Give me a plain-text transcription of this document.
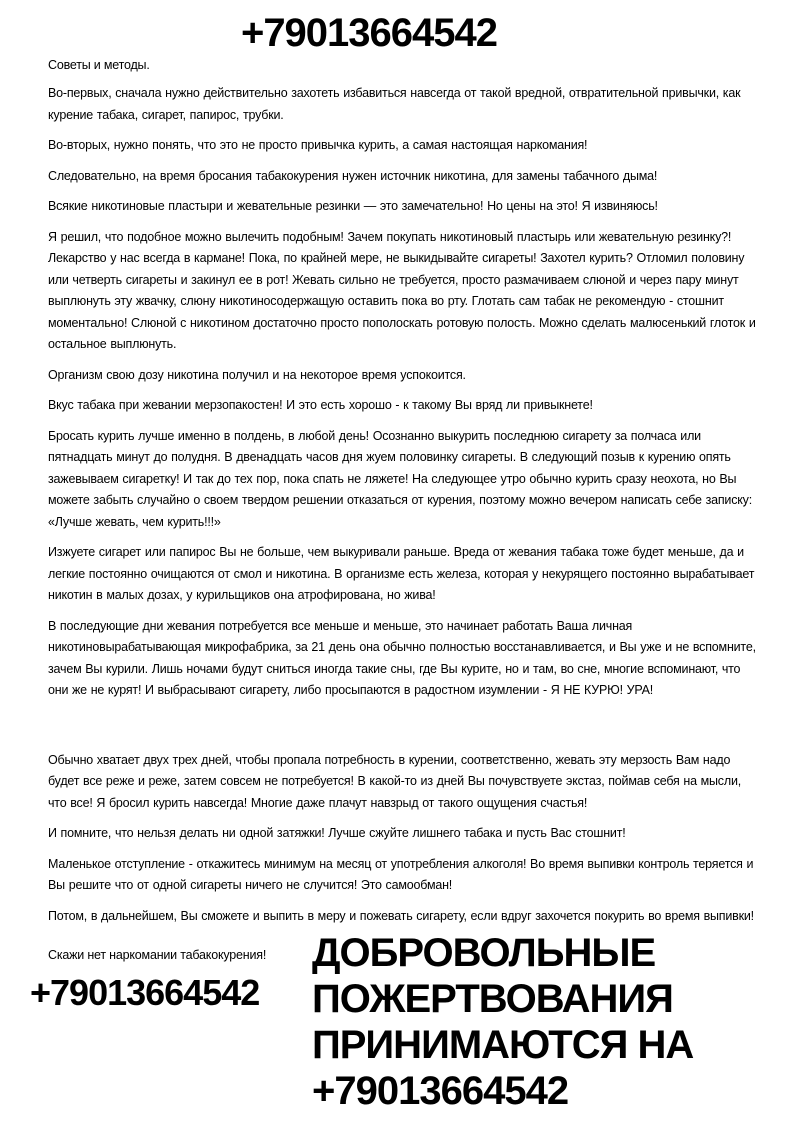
+79013664542
Советы и методы.

Во-первых, сначала нужно действительно захотеть избавиться навсегда от такой вредной, отвратительной привычки, как курение табака, сигарет, папирос, трубки.

Во-вторых, нужно понять, что это не просто привычка курить, а самая настоящая наркомания!

Следовательно, на время бросания табакокурения нужен источник никотина, для замены табачного дыма!

Всякие никотиновые пластыри и жевательные резинки — это замечательно! Но цены на это! Я извиняюсь!

Я решил, что подобное можно вылечить подобным! Зачем покупать никотиновый пластырь или жевательную резинку?! Лекарство у нас всегда в кармане! Пока, по крайней мере, не выкидывайте сигареты! Захотел курить? Отломил половину или четверть сигареты и закинул ее в рот! Жевать сильно не требуется, просто размачиваем слюной и через пару минут выплюнуть эту жвачку, слюну никотиносодержащую оставить пока во рту. Глотать сам табак не рекомендую - стошнит моментально! Слюной с никотином достаточно просто пополоскать ротовую полость. Можно сделать малюсенький глоток и остальное выплюнуть.

Организм свою дозу никотина получил и на некоторое время успокоится.

Вкус табака при жевании мерзопакостен! И это есть хорошо - к такому Вы вряд ли привыкнете!

Бросать курить лучше именно в полдень, в любой день! Осознанно выкурить последнюю сигарету за полчаса или пятнадцать минут до полудня. В двенадцать часов дня жуем половинку сигареты. В следующий позыв к курению опять зажевываем сигаретку! И так до тех пор, пока спать не ляжете! На следующее утро обычно курить сразу неохота, но Вы можете забыть случайно о своем твердом решении отказаться от курения, поэтому можно вечером написать себе записку: «Лучше жевать, чем курить!!!»

Изжуете сигарет или папирос Вы не больше, чем выкуривали раньше. Вреда от жевания табака тоже будет меньше, да и легкие постоянно очищаются от смол и никотина. В организме есть железа, которая у некурящего постоянно вырабатывает никотин в малых дозах, у курильщиков она атрофирована, но жива!

В последующие дни жевания потребуется все меньше и меньше, это начинает работать Ваша личная никотиновырабатывающая микрофабрика, за 21 день она обычно полностью восстанавливается, и Вы уже и не вспомните, зачем Вы курили. Лишь ночами будут сниться иногда такие сны, где Вы курите, но и там, во сне, многие вспоминают, что они же не курят! И выбрасывают сигарету, либо просыпаются в радостном изумлении - Я НЕ КУРЮ! УРА!

Обычно хватает двух трех дней, чтобы пропала потребность в курении, соответственно, жевать эту мерзость Вам надо будет все реже и реже, затем совсем не потребуется! В какой-то из дней Вы почувствуете экстаз, поймав себя на мысли, что все! Я бросил курить навсегда! Многие даже плачут навзрыд от такого ощущения счастья!

И помните, что нельзя делать ни одной затяжки! Лучше сжуйте лишнего табака и пусть Вас стошнит!

Маленькое отступление - откажитесь минимум на месяц от употребления алкоголя! Во время выпивки контроль теряется и Вы решите что от одной сигареты ничего не случится! Это самообман!

Потом, в дальнейшем, Вы сможете и выпить в меру и пожевать сигарету, если вдруг захочется покурить во время выпивки!

Скажи нет наркомании табакокурения!
+79013664542
ДОБРОВОЛЬНЫЕ
ПОЖЕРТВОВАНИЯ
ПРИНИМАЮТСЯ НА
+79013664542
